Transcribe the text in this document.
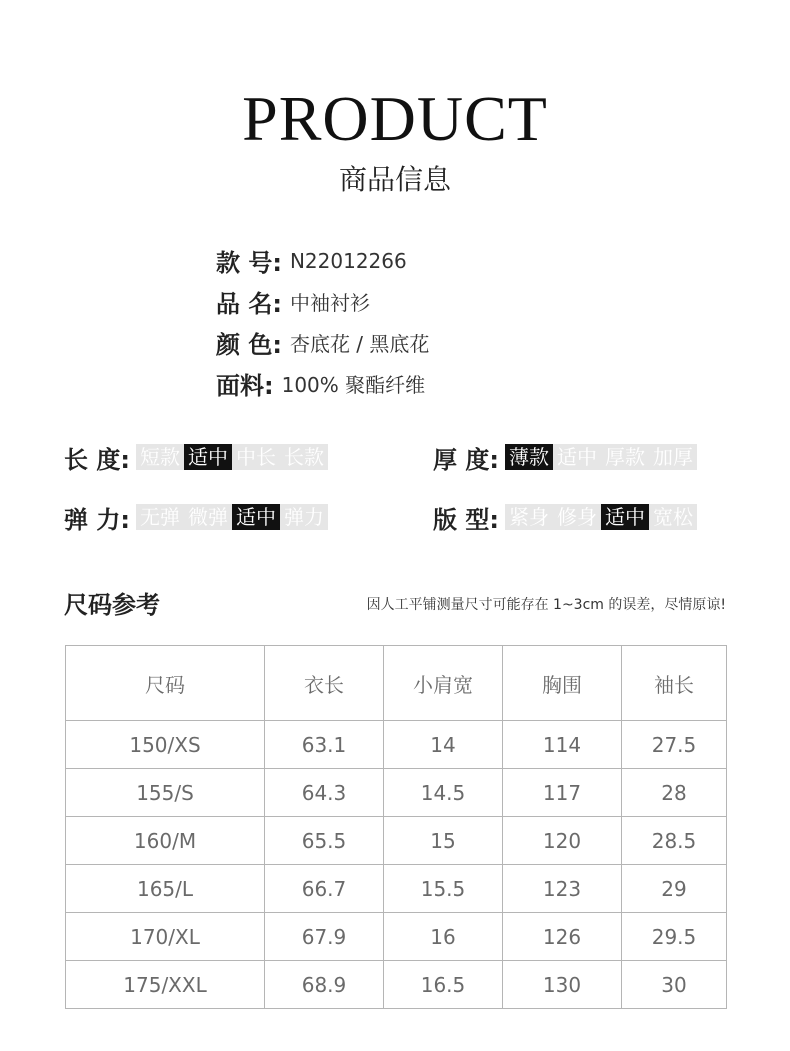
PRODUCT
商品信息
款 号: N22012266
品 名: 中袖衬衫
颜 色: 杏底花 / 黑底花
面料: 100% 聚酯纤维
长 度: 短款 适中 中长 长款	厚 度: 薄款 适中 厚款 加厚
弹 力: 无弹 微弹 适中 弹力	版 型: 紧身 修身 适中 宽松
尺码参考	因人工平铺测量尺寸可能存在 1~3cm 的误差，尽情原谅!
尺码	衣长	小肩宽	胸围	袖长
150/XS	63.1	14	114	27.5
155/S	64.3	14.5	117	28
160/M	65.5	15	120	28.5
165/L	66.7	15.5	123	29
170/XL	67.9	16	126	29.5
175/XXL	68.9	16.5	130	30
